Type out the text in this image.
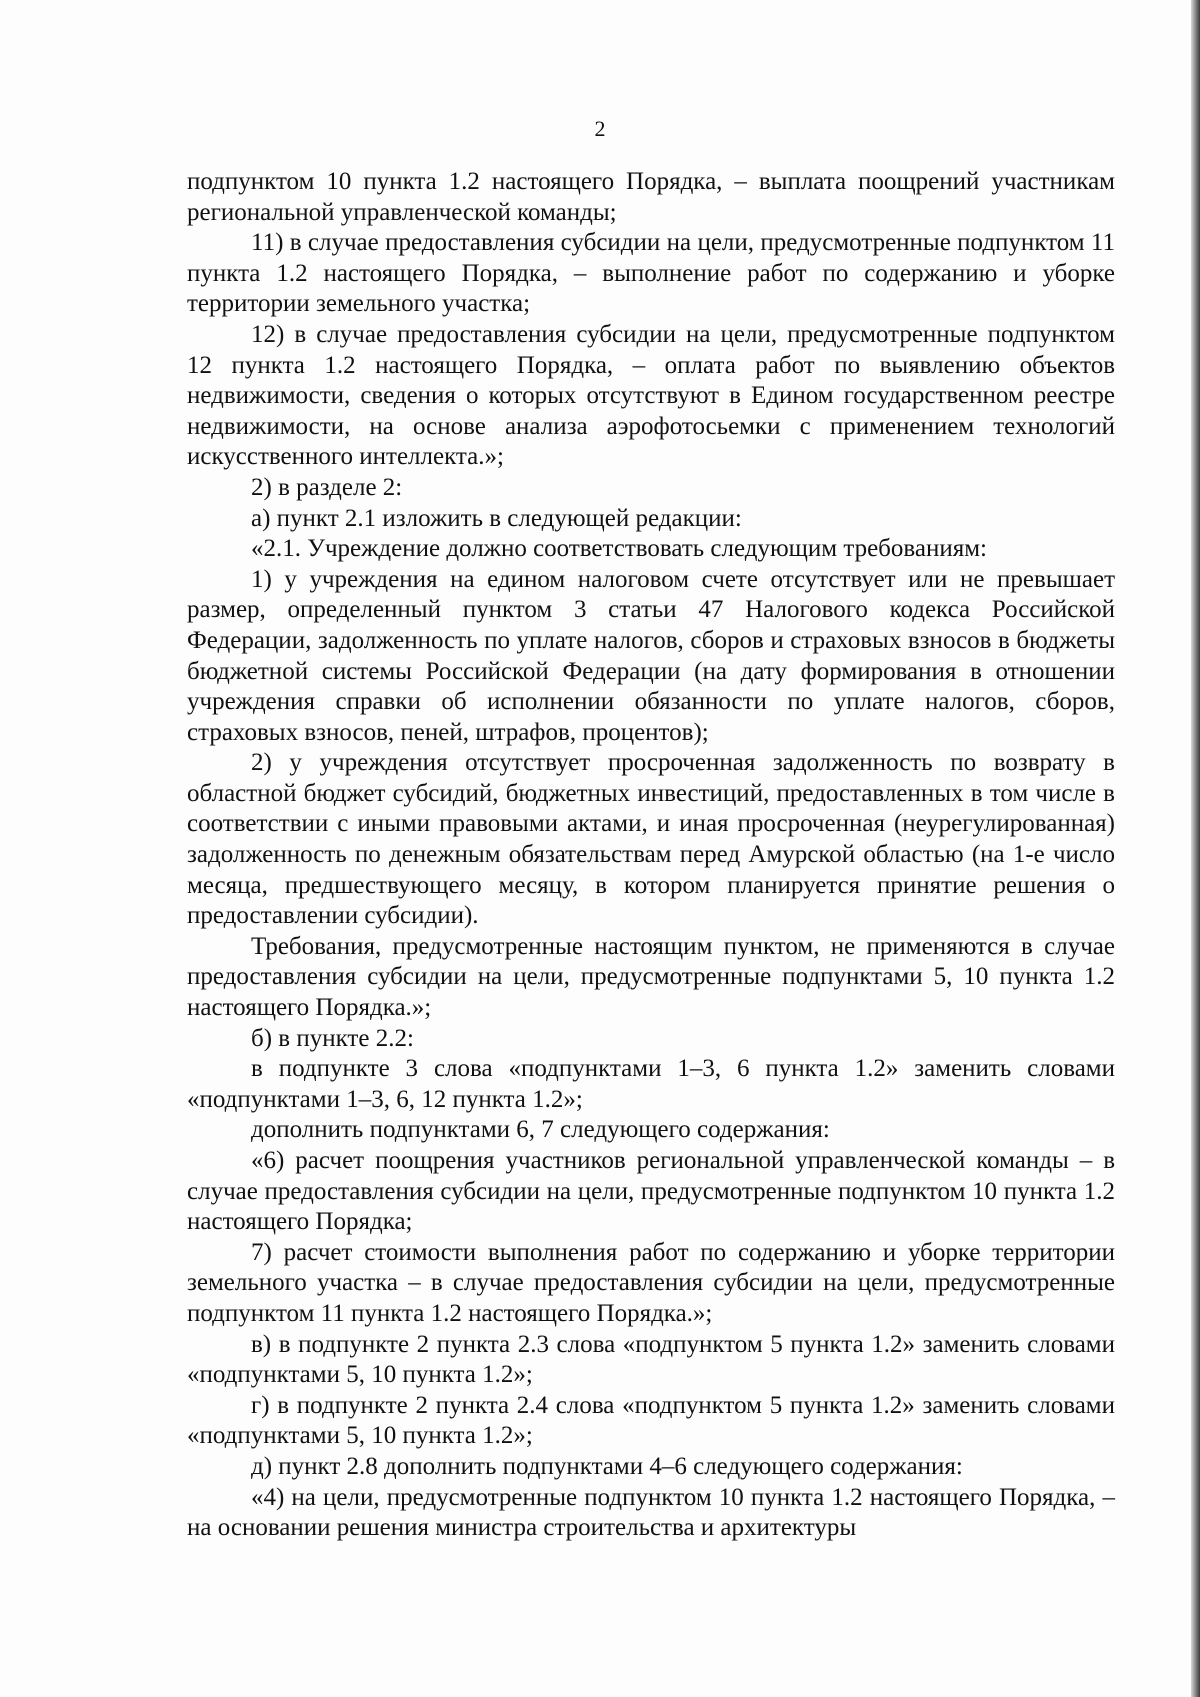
2

подпунктом 10 пункта 1.2 настоящего Порядка, – выплата поощрений участникам региональной управленческой команды;

11) в случае предоставления субсидии на цели, предусмотренные подпунктом 11 пункта 1.2 настоящего Порядка, – выполнение работ по содержанию и уборке территории земельного участка;

12) в случае предоставления субсидии на цели, предусмотренные подпунктом 12 пункта 1.2 настоящего Порядка, – оплата работ по выявлению объектов недвижимости, сведения о которых отсутствуют в Едином государственном реестре недвижимости, на основе анализа аэрофотосьемки с применением технологий искусственного интеллекта.»;

2) в разделе 2:

а) пункт 2.1 изложить в следующей редакции:

«2.1. Учреждение должно соответствовать следующим требованиям:

1) у учреждения на едином налоговом счете отсутствует или не превышает размер, определенный пунктом 3 статьи 47 Налогового кодекса Российской Федерации, задолженность по уплате налогов, сборов и страховых взносов в бюджеты бюджетной системы Российской Федерации (на дату формирования в отношении учреждения справки об исполнении обязанности по уплате налогов, сборов, страховых взносов, пеней, штрафов, процентов);

2) у учреждения отсутствует просроченная задолженность по возврату в областной бюджет субсидий, бюджетных инвестиций, предоставленных в том числе в соответствии с иными правовыми актами, и иная просроченная (неурегулированная) задолженность по денежным обязательствам перед Амурской областью (на 1-е число месяца, предшествующего месяцу, в котором планируется принятие решения о предоставлении субсидии).

Требования, предусмотренные настоящим пунктом, не применяются в случае предоставления субсидии на цели, предусмотренные подпунктами 5, 10 пункта 1.2 настоящего Порядка.»;

б) в пункте 2.2:

в подпункте 3 слова «подпунктами 1–3, 6 пункта 1.2» заменить словами «подпунктами 1–3, 6, 12 пункта 1.2»;

дополнить подпунктами 6, 7 следующего содержания:

«6) расчет поощрения участников региональной управленческой команды – в случае предоставления субсидии на цели, предусмотренные подпунктом 10 пункта 1.2 настоящего Порядка;

7) расчет стоимости выполнения работ по содержанию и уборке территории земельного участка – в случае предоставления субсидии на цели, предусмотренные подпунктом 11 пункта 1.2 настоящего Порядка.»;

в) в подпункте 2 пункта 2.3 слова «подпунктом 5 пункта 1.2» заменить словами «подпунктами 5, 10 пункта 1.2»;

г) в подпункте 2 пункта 2.4 слова «подпунктом 5 пункта 1.2» заменить словами «подпунктами 5, 10 пункта 1.2»;

д) пункт 2.8 дополнить подпунктами 4–6 следующего содержания:

«4) на цели, предусмотренные подпунктом 10 пункта 1.2 настоящего Порядка, – на основании решения министра строительства и архитектуры
